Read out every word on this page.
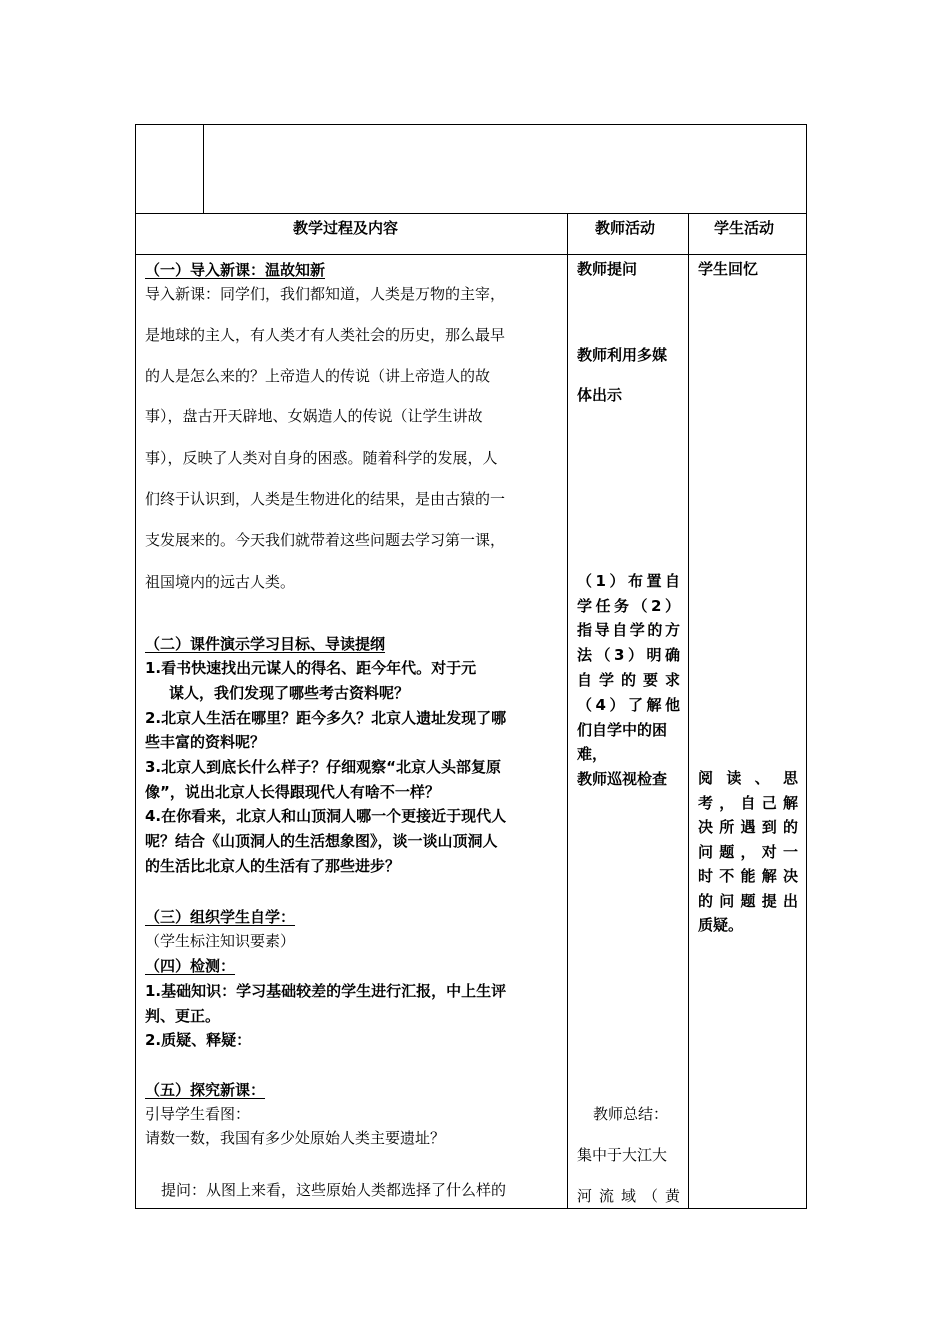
教学过程及内容	教师活动	学生活动
（一）导入新课：温故知新
导入新课：同学们，我们都知道，人类是万物的主宰，
是地球的主人，有人类才有人类社会的历史，那么最早
的人是怎么来的？上帝造人的传说（讲上帝造人的故
事），盘古开天辟地、女娲造人的传说（让学生讲故
事），反映了人类对自身的困惑。随着科学的发展，人
们终于认识到，人类是生物进化的结果，是由古猿的一
支发展来的。今天我们就带着这些问题去学习第一课，
祖国境内的远古人类。
（二）课件演示学习目标、导读提纲
1.看书快速找出元谋人的得名、距今年代。对于元
谋人，我们发现了哪些考古资料呢？
2.北京人生活在哪里？距今多久？北京人遗址发现了哪
些丰富的资料呢？
3.北京人到底长什么样子？仔细观察“北京人头部复原
像”，说出北京人长得跟现代人有啥不一样？
4.在你看来，北京人和山顶洞人哪一个更接近于现代人
呢？结合《山顶洞人的生活想象图》，谈一谈山顶洞人
的生活比北京人的生活有了那些进步？
（三）组织学生自学：
（学生标注知识要素）
（四）检测：
1.基础知识：学习基础较差的学生进行汇报，中上生评
判、更正。
2.质疑、释疑：
（五）探究新课：
引导学生看图：
请数一数，我国有多少处原始人类主要遗址？
提问：从图上来看，这些原始人类都选择了什么样的
教师提问
教师利用多媒
体出示
（1）布置自
学任务（2）
指导自学的方
法（3）明确
自学的要求
（4）了解他
们自学中的困
难，
教师巡视检查
教师总结：
集中于大江大
河流域（黄
学生回忆
阅读、思
考，自己解
决所遇到的
问题，对一
时不能解决
的问题提出
质疑。
